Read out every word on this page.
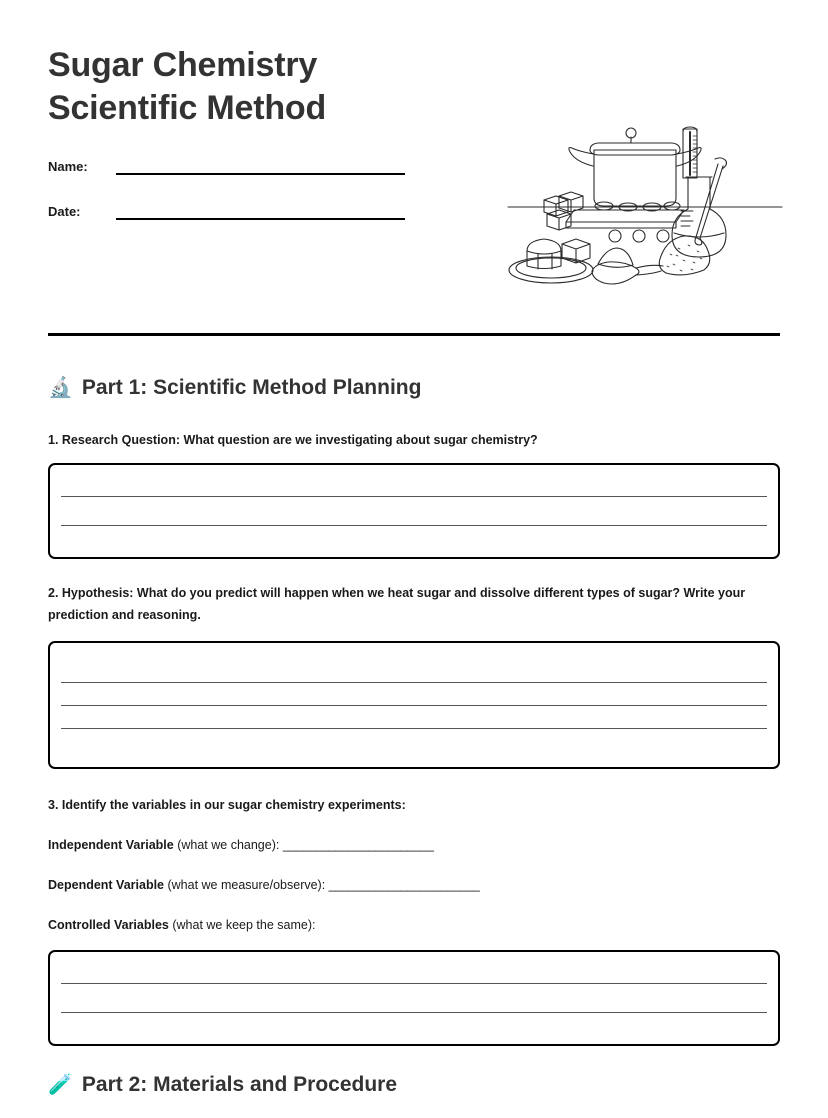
Sugar Chemistry
Scientific Method
Name:
Date:
🔬 Part 1: Scientific Method Planning
1. Research Question: What question are we investigating about sugar chemistry?
2. Hypothesis: What do you predict will happen when we heat sugar and dissolve different types of sugar? Write your prediction and reasoning.
3. Identify the variables in our sugar chemistry experiments:
Independent Variable (what we change): _______________________
Dependent Variable (what we measure/observe): _______________________
Controlled Variables (what we keep the same):
🧪 Part 2: Materials and Procedure
